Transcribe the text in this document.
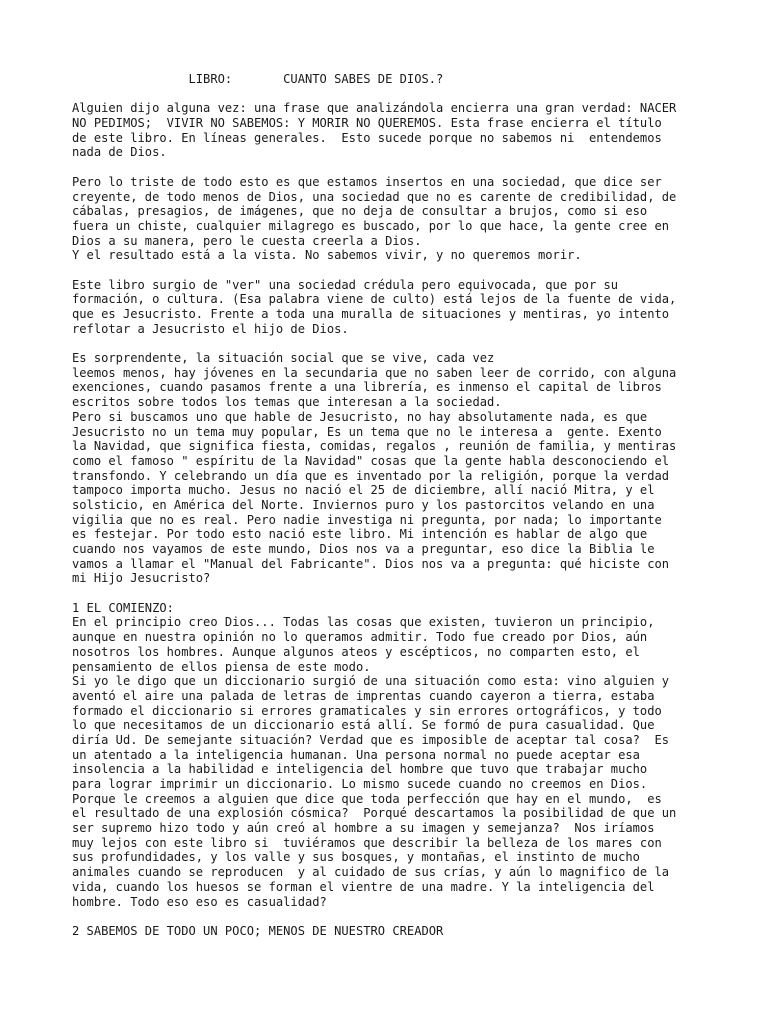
LIBRO:       CUANTO SABES DE DIOS.?
Alguien dijo alguna vez: una frase que analizándola encierra una gran verdad: NACER
NO PEDIMOS;  VIVIR NO SABEMOS: Y MORIR NO QUEREMOS. Esta frase encierra el título
de este libro. En líneas generales.  Esto sucede porque no sabemos ni  entendemos
nada de Dios.
Pero lo triste de todo esto es que estamos insertos en una sociedad, que dice ser
creyente, de todo menos de Dios, una sociedad que no es carente de credibilidad, de
cábalas, presagios, de imágenes, que no deja de consultar a brujos, como si eso
fuera un chiste, cualquier milagrego es buscado, por lo que hace, la gente cree en
Dios a su manera, pero le cuesta creerla a Dios.
Y el resultado está a la vista. No sabemos vivir, y no queremos morir.
Este libro surgio de "ver" una sociedad crédula pero equivocada, que por su
formación, o cultura. (Esa palabra viene de culto) está lejos de la fuente de vida,
que es Jesucristo. Frente a toda una muralla de situaciones y mentiras, yo intento
reflotar a Jesucristo el hijo de Dios.
Es sorprendente, la situación social que se vive, cada vez
leemos menos, hay jóvenes en la secundaria que no saben leer de corrido, con alguna
exenciones, cuando pasamos frente a una librería, es inmenso el capital de libros
escritos sobre todos los temas que interesan a la sociedad.
Pero si buscamos uno que hable de Jesucristo, no hay absolutamente nada, es que
Jesucristo no un tema muy popular, Es un tema que no le interesa a  gente. Exento
la Navidad, que significa fiesta, comidas, regalos , reunión de familia, y mentiras
como el famoso " espíritu de la Navidad" cosas que la gente habla desconociendo el
transfondo. Y celebrando un día que es inventado por la religión, porque la verdad
tampoco importa mucho. Jesus no nació el 25 de diciembre, allí nació Mitra, y el
solsticio, en América del Norte. Inviernos puro y los pastorcitos velando en una
vigilia que no es real. Pero nadie investiga ni pregunta, por nada; lo importante
es festejar. Por todo esto nació este libro. Mi intención es hablar de algo que
cuando nos vayamos de este mundo, Dios nos va a preguntar, eso dice la Biblia le
vamos a llamar el "Manual del Fabricante". Dios nos va a pregunta: qué hiciste con
mi Hijo Jesucristo?
1 EL COMIENZO:
En el principio creo Dios... Todas las cosas que existen, tuvieron un principio,
aunque en nuestra opinión no lo queramos admitir. Todo fue creado por Dios, aún
nosotros los hombres. Aunque algunos ateos y escépticos, no comparten esto, el
pensamiento de ellos piensa de este modo.
Si yo le digo que un diccionario surgió de una situación como esta: vino alguien y
aventó el aire una palada de letras de imprentas cuando cayeron a tierra, estaba
formado el diccionario si errores gramaticales y sin errores ortográficos, y todo
lo que necesitamos de un diccionario está allí. Se formó de pura casualidad. Que
diría Ud. De semejante situación? Verdad que es imposible de aceptar tal cosa?  Es
un atentado a la inteligencia humanan. Una persona normal no puede aceptar esa
insolencia a la habilidad e inteligencia del hombre que tuvo que trabajar mucho
para lograr imprimir un diccionario. Lo mismo sucede cuando no creemos en Dios.
Porque le creemos a alguien que dice que toda perfección que hay en el mundo,  es
el resultado de una explosión cósmica?  Porqué descartamos la posibilidad de que un
ser supremo hizo todo y aún creó al hombre a su imagen y semejanza?  Nos iríamos
muy lejos con este libro si  tuviéramos que describir la belleza de los mares con
sus profundidades, y los valle y sus bosques, y montañas, el instinto de mucho
animales cuando se reproducen  y al cuidado de sus crías, y aún lo magnifico de la
vida, cuando los huesos se forman el vientre de una madre. Y la inteligencia del
hombre. Todo eso eso es casualidad?
2 SABEMOS DE TODO UN POCO; MENOS DE NUESTRO CREADOR
